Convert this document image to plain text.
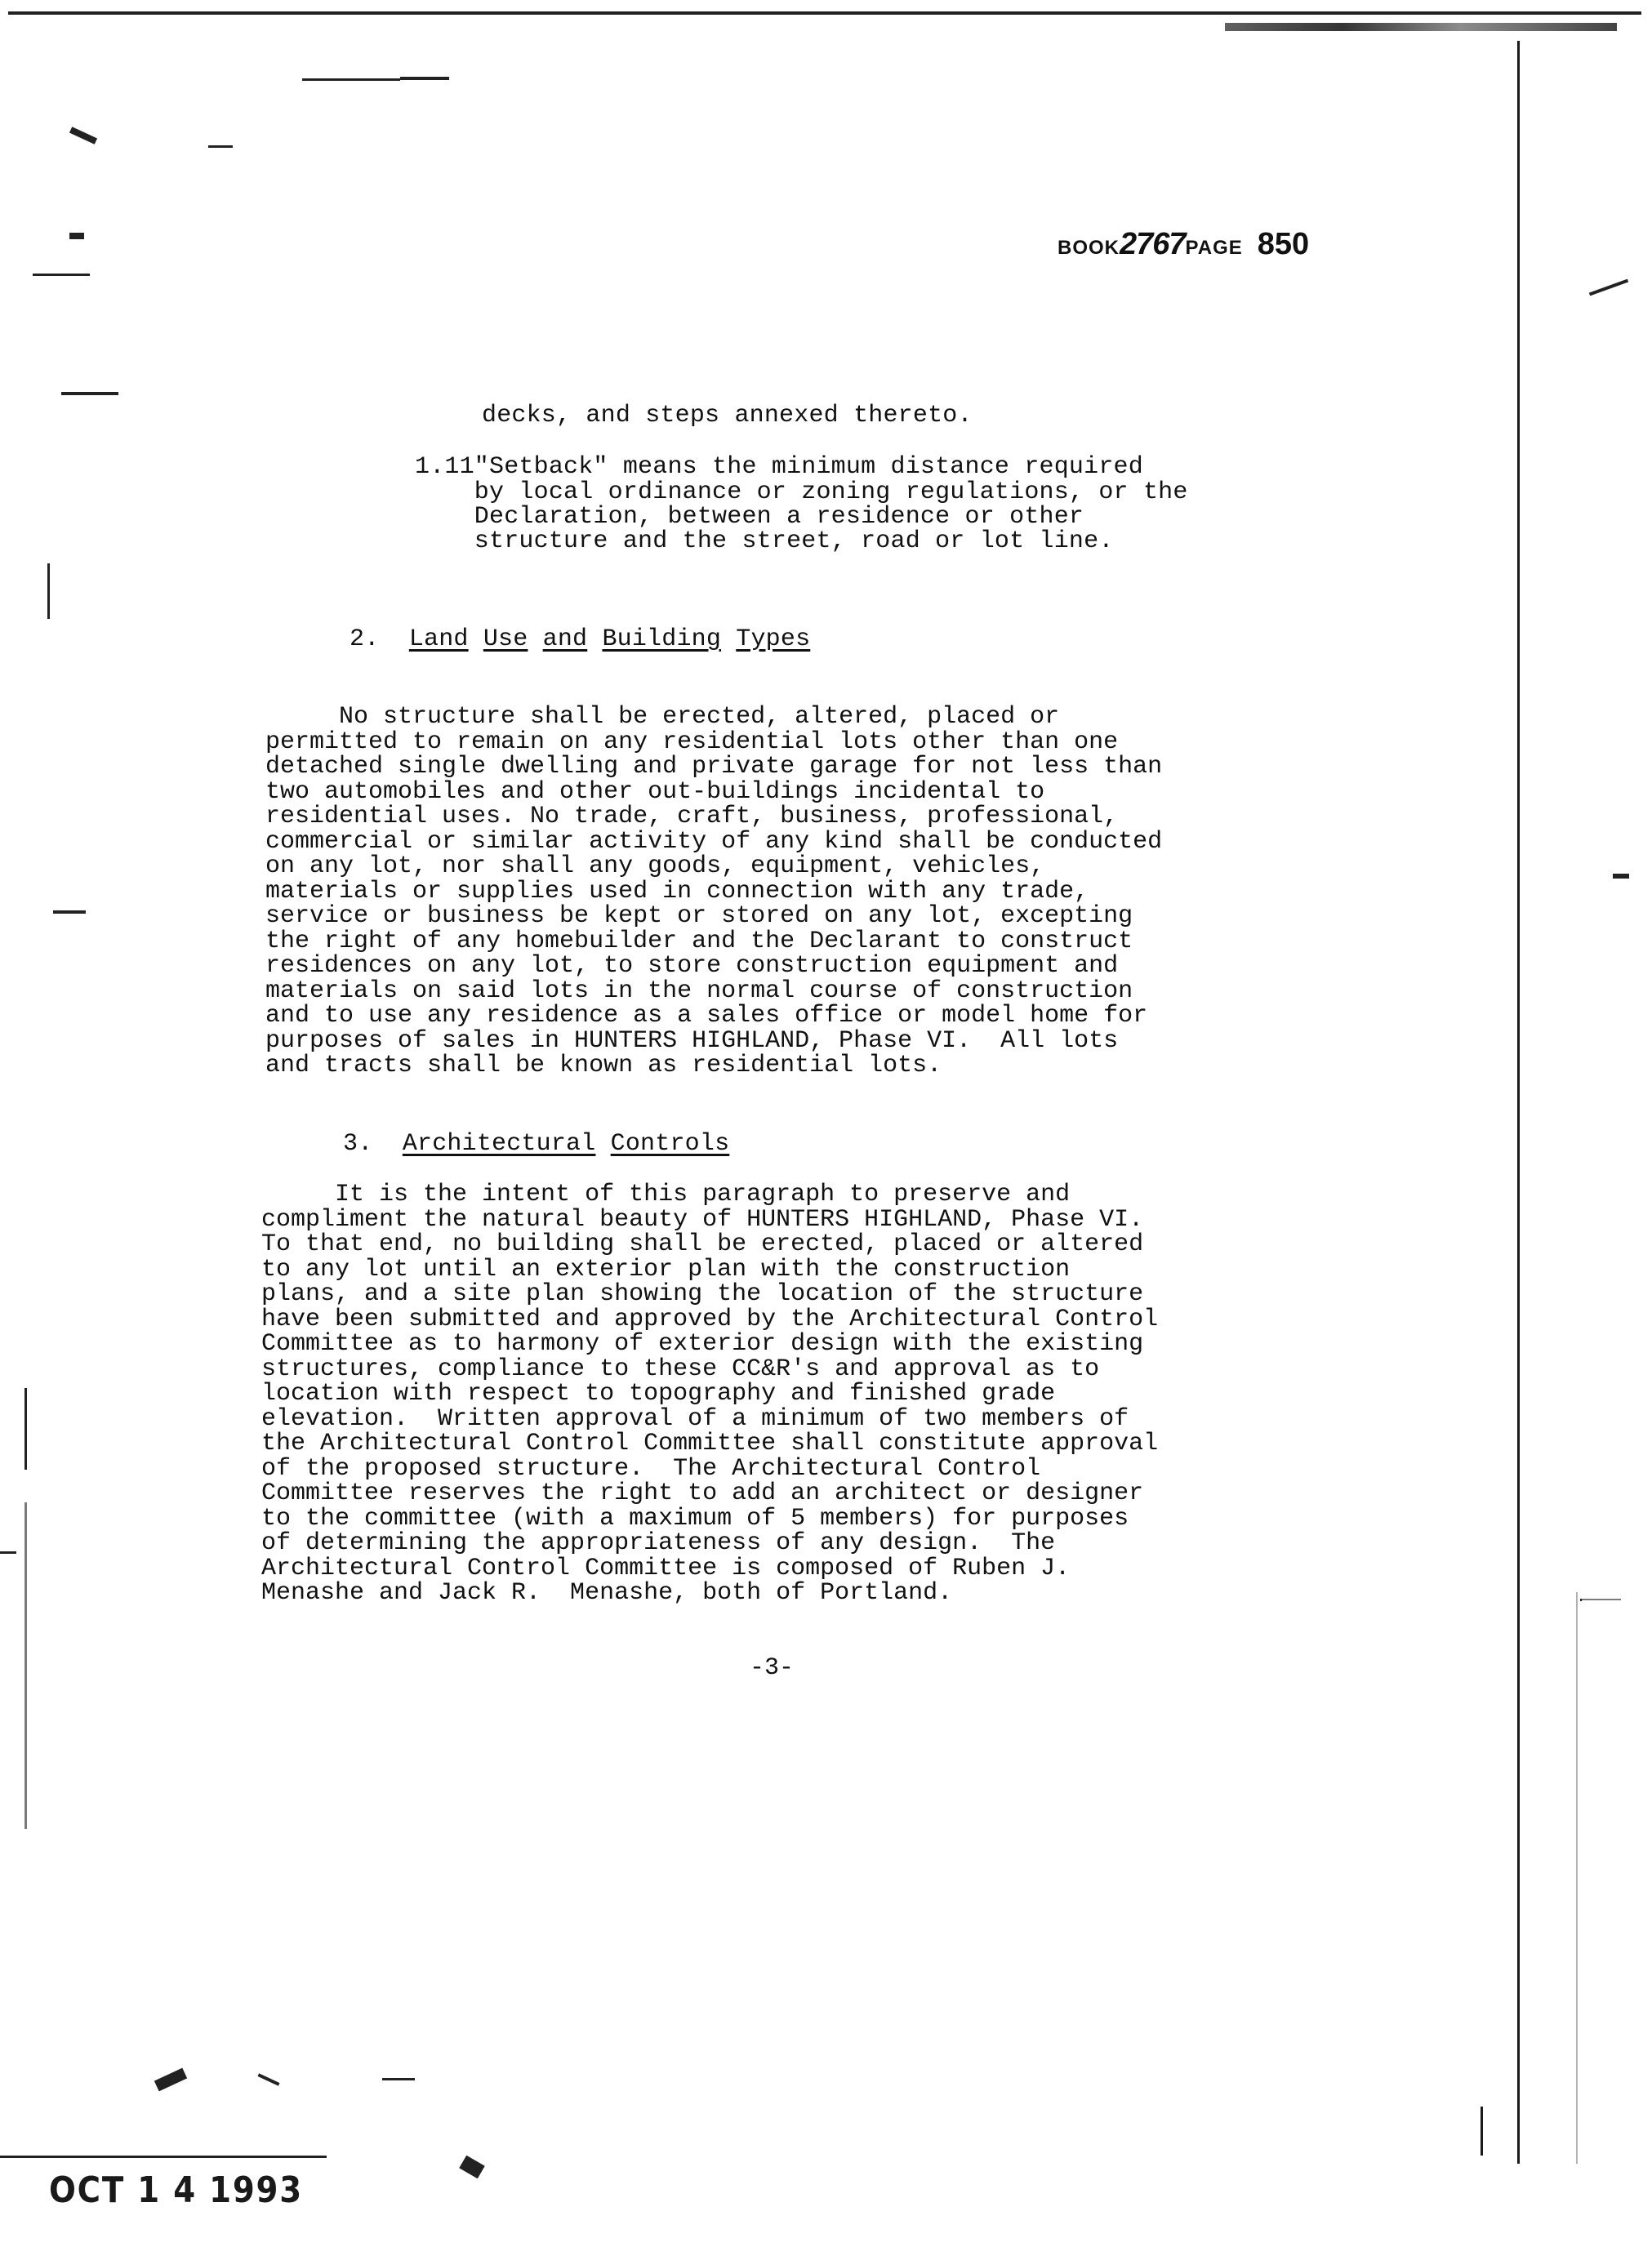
BOOK2767PAGE 850
decks, and steps annexed thereto.
1.11"Setback" means the minimum distance required
by local ordinance or zoning regulations, or the
Declaration, between a residence or other
structure and the street, road or lot line.
2. Land Use and Building Types
No structure shall be erected, altered, placed or
permitted to remain on any residential lots other than one
detached single dwelling and private garage for not less than
two automobiles and other out-buildings incidental to
residential uses. No trade, craft, business, professional,
commercial or similar activity of any kind shall be conducted
on any lot, nor shall any goods, equipment, vehicles,
materials or supplies used in connection with any trade,
service or business be kept or stored on any lot, excepting
the right of any homebuilder and the Declarant to construct
residences on any lot, to store construction equipment and
materials on said lots in the normal course of construction
and to use any residence as a sales office or model home for
purposes of sales in HUNTERS HIGHLAND, Phase VI.  All lots
and tracts shall be known as residential lots.
3. Architectural Controls
It is the intent of this paragraph to preserve and
compliment the natural beauty of HUNTERS HIGHLAND, Phase VI.
To that end, no building shall be erected, placed or altered
to any lot until an exterior plan with the construction
plans, and a site plan showing the location of the structure
have been submitted and approved by the Architectural Control
Committee as to harmony of exterior design with the existing
structures, compliance to these CC&R's and approval as to
location with respect to topography and finished grade
elevation.  Written approval of a minimum of two members of
the Architectural Control Committee shall constitute approval
of the proposed structure.  The Architectural Control
Committee reserves the right to add an architect or designer
to the committee (with a maximum of 5 members) for purposes
of determining the appropriateness of any design.  The
Architectural Control Committee is composed of Ruben J.
Menashe and Jack R.  Menashe, both of Portland.
-3-
OCT 1 4 1993
